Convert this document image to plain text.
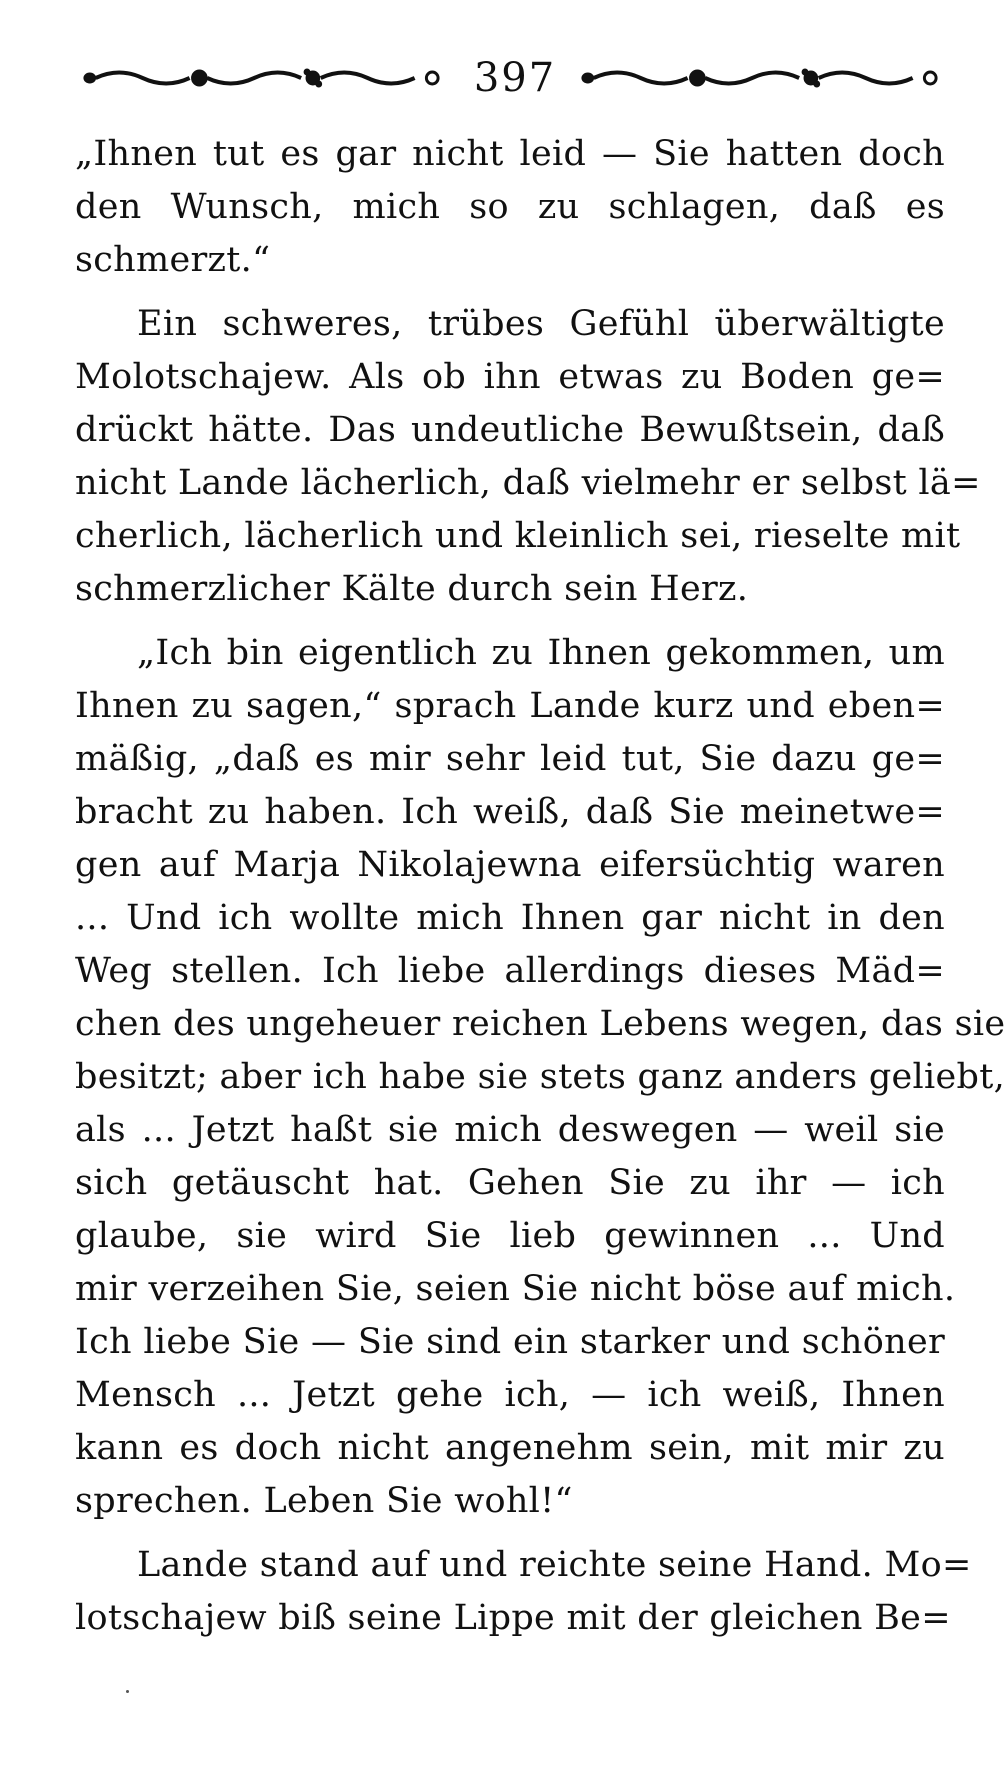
397

„Ihnen tut es gar nicht leid — Sie hatten doch
den Wunsch, mich so zu schlagen, daß es
schmerzt.“

Ein schweres, trübes Gefühl überwältigte
Molotschajew. Als ob ihn etwas zu Boden ge=
drückt hätte. Das undeutliche Bewußtsein, daß
nicht Lande lächerlich, daß vielmehr er selbst lä=
cherlich, lächerlich und kleinlich sei, rieselte mit
schmerzlicher Kälte durch sein Herz.

„Ich bin eigentlich zu Ihnen gekommen, um
Ihnen zu sagen,“ sprach Lande kurz und eben=
mäßig, „daß es mir sehr leid tut, Sie dazu ge=
bracht zu haben. Ich weiß, daß Sie meinetwe=
gen auf Marja Nikolajewna eifersüchtig waren
... Und ich wollte mich Ihnen gar nicht in den
Weg stellen. Ich liebe allerdings dieses Mäd=
chen des ungeheuer reichen Lebens wegen, das sie
besitzt; aber ich habe sie stets ganz anders geliebt,
als ... Jetzt haßt sie mich deswegen — weil sie
sich getäuscht hat. Gehen Sie zu ihr — ich
glaube, sie wird Sie lieb gewinnen ... Und
mir verzeihen Sie, seien Sie nicht böse auf mich.
Ich liebe Sie — Sie sind ein starker und schöner
Mensch ... Jetzt gehe ich, — ich weiß, Ihnen
kann es doch nicht angenehm sein, mit mir zu
sprechen. Leben Sie wohl!“

Lande stand auf und reichte seine Hand. Mo=
lotschajew biß seine Lippe mit der gleichen Be=
